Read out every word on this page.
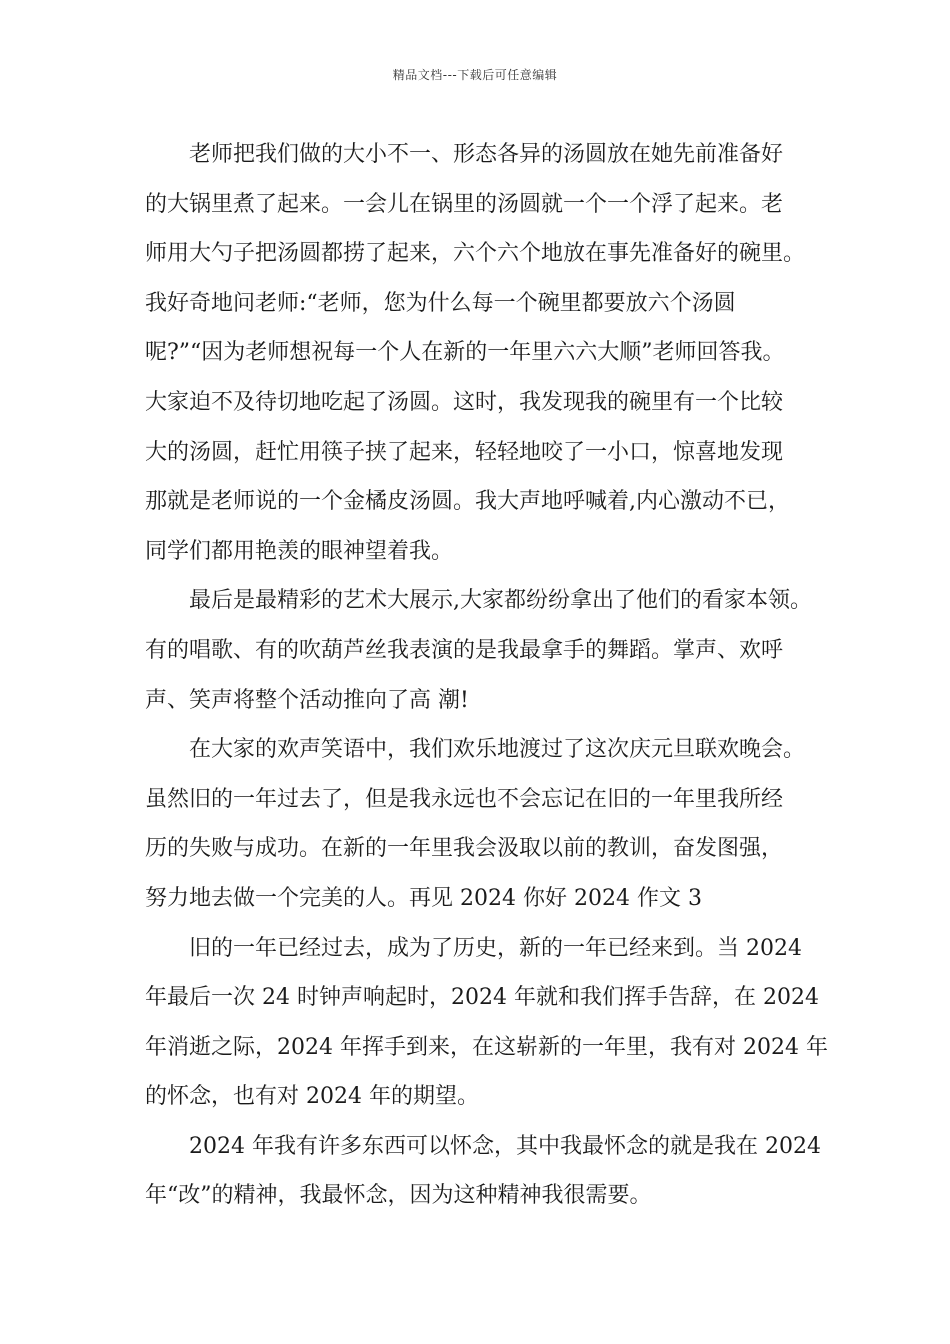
精品文档---下载后可任意编辑
老师把我们做的大小不一、形态各异的汤圆放在她先前准备好
的大锅里煮了起来。一会儿在锅里的汤圆就一个一个浮了起来。老
师用大勺子把汤圆都捞了起来，六个六个地放在事先准备好的碗里。
我好奇地问老师:“老师，您为什么每一个碗里都要放六个汤圆
呢?”“因为老师想祝每一个人在新的一年里六六大顺”老师回答我。
大家迫不及待切地吃起了汤圆。这时，我发现我的碗里有一个比较
大的汤圆，赶忙用筷子挟了起来，轻轻地咬了一小口，惊喜地发现
那就是老师说的一个金橘皮汤圆。我大声地呼喊着,内心激动不已，
同学们都用艳羡的眼神望着我。
最后是最精彩的艺术大展示,大家都纷纷拿出了他们的看家本领。
有的唱歌、有的吹葫芦丝我表演的是我最拿手的舞蹈。掌声、欢呼
声、笑声将整个活动推向了高 潮!
在大家的欢声笑语中，我们欢乐地渡过了这次庆元旦联欢晚会。
虽然旧的一年过去了，但是我永远也不会忘记在旧的一年里我所经
历的失败与成功。在新的一年里我会汲取以前的教训，奋发图强，
努力地去做一个完美的人。再见 2024 你好 2024 作文 3
旧的一年已经过去，成为了历史，新的一年已经来到。当 2024
年最后一次 24 时钟声响起时，2024 年就和我们挥手告辞，在 2024
年消逝之际，2024 年挥手到来，在这崭新的一年里，我有对 2024 年
的怀念，也有对 2024 年的期望。
2024 年我有许多东西可以怀念，其中我最怀念的就是我在 2024
年“改”的精神，我最怀念，因为这种精神我很需要。
